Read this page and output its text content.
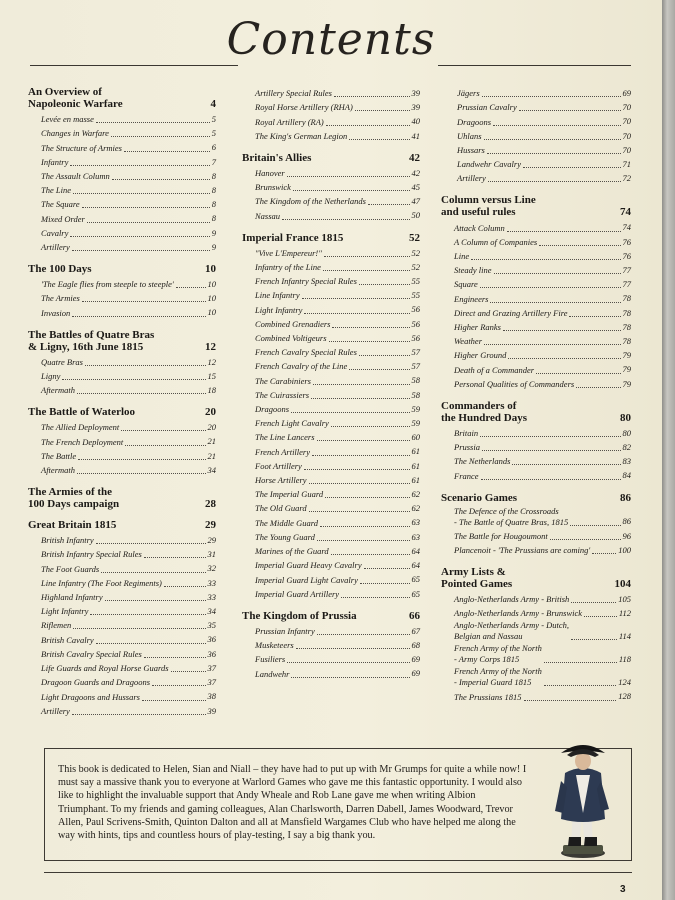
Contents
An Overview of
Napoleonic Warfare	4
Levée en masse	5
Changes in Warfare	5
The Structure of Armies	6
Infantry	7
The Assault Column	8
The Line	8
The Square	8
Mixed Order	8
Cavalry	9
Artillery	9
The 100 Days	10
'The Eagle flies from steeple to steeple'	10
The Armies	10
Invasion	10
The Battles of Quatre Bras
& Ligny, 16th June 1815	12
Quatre Bras	12
Ligny	15
Aftermath	18
The Battle of Waterloo	20
The Allied Deployment	20
The French Deployment	21
The Battle	21
Aftermath	34
The Armies of the
100 Days campaign	28
Great Britain 1815	29
British Infantry	29
British Infantry Special Rules	31
The Foot Guards	32
Line Infantry (The Foot Regiments)	33
Highland Infantry	33
Light Infantry	34
Riflemen	35
British Cavalry	36
British Cavalry Special Rules	36
Life Guards and Royal Horse Guards	37
Dragoon Guards and Dragoons	37
Light Dragoons and Hussars	38
Artillery	39
Artillery Special Rules	39
Royal Horse Artillery (RHA)	39
Royal Artillery (RA)	40
The King's German Legion	41
Britain's Allies	42
Hanover	42
Brunswick	45
The Kingdom of the Netherlands	47
Nassau	50
Imperial France 1815	52
"Vive L'Empereur!"	52
Infantry of the Line	52
French Infantry Special Rules	55
Line Infantry	55
Light Infantry	56
Combined Grenadiers	56
Combined Voltigeurs	56
French Cavalry Special Rules	57
French Cavalry of the Line	57
The Carabiniers	58
The Cuirassiers	58
Dragoons	59
French Light Cavalry	59
The Line Lancers	60
French Artillery	61
Foot Artillery	61
Horse Artillery	61
The Imperial Guard	62
The Old Guard	62
The Middle Guard	63
The Young Guard	63
Marines of the Guard	64
Imperial Guard Heavy Cavalry	64
Imperial Guard Light Cavalry	65
Imperial Guard Artillery	65
The Kingdom of Prussia	66
Prussian Infantry	67
Musketeers	68
Fusiliers	69
Landwehr	69
Jägers	69
Prussian Cavalry	70
Dragoons	70
Uhlans	70
Hussars	70
Landwehr Cavalry	71
Artillery	72
Column versus Line
and useful rules	74
Attack Column	74
A Column of Companies	76
Line	76
Steady line	77
Square	77
Engineers	78
Direct and Grazing Artillery Fire	78
Higher Ranks	78
Weather	78
Higher Ground	79
Death of a Commander	79
Personal Qualities of Commanders	79
Commanders of
the Hundred Days	80
Britain	80
Prussia	82
The Netherlands	83
France	84
Scenario Games	86
The Defence of the Crossroads
- The Battle of Quatre Bras, 1815	86
The Battle for Hougoumont	96
Plancenoit - 'The Prussians are coming'	100
Army Lists &
Pointed Games	104
Anglo-Netherlands Army - British	105
Anglo-Netherlands Army - Brunswick	112
Anglo-Netherlands Army - Dutch,
Belgian and Nassau	114
French Army of the North
- Army Corps 1815	118
French Army of the North
- Imperial Guard 1815	124
The Prussians 1815	128
This book is dedicated to Helen, Sian and Niall – they have had to put up with Mr Grumps for quite a while now! I must say a massive thank you to everyone at Warlord Games who gave me this fantastic opportunity. I would also like to highlight the invaluable support that Andy Wheale and Rob Lane gave me when writing Albion Triumphant. To my friends and gaming colleagues, Alan Charlsworth, Darren Dabell, James Woodward, Trevor Allen, Paul Scrivens-Smith, Quinton Dalton and all at Mansfield Wargames Club who have helped me along the way with hints, tips and countless hours of play-testing, I say a big thank you.
3
